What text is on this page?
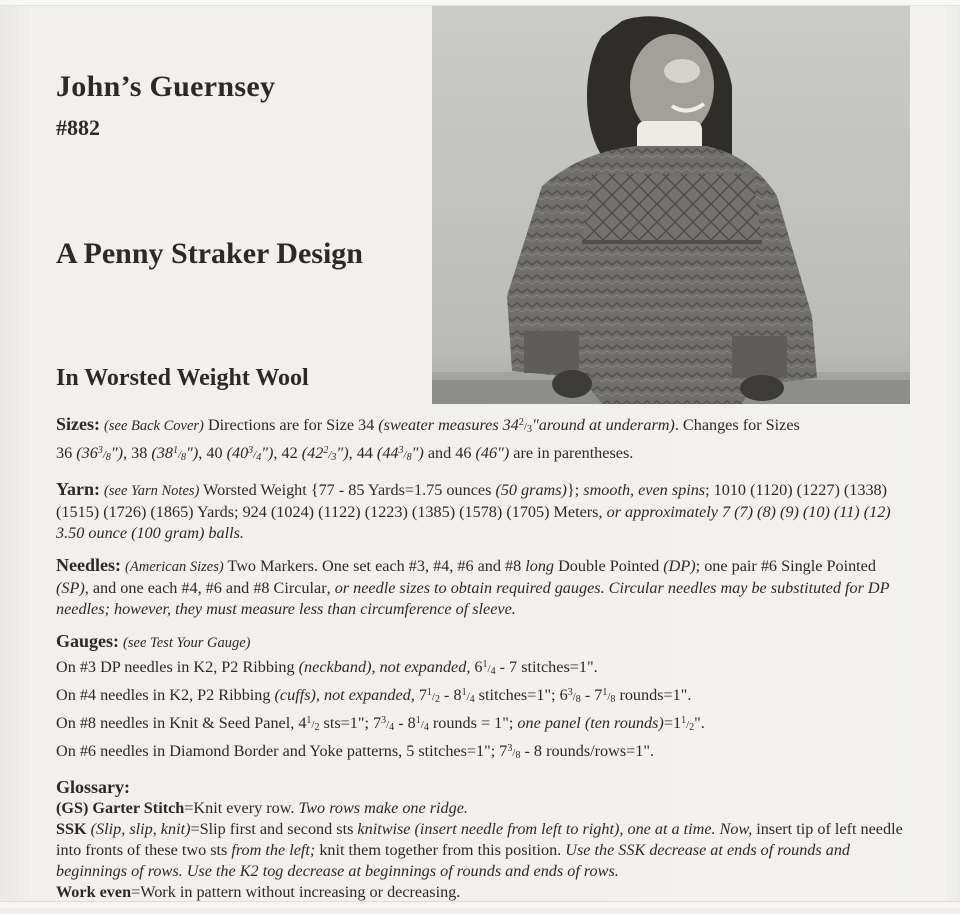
John’s Guernsey
#882
A Penny Straker Design
In Worsted Weight Wool

Sizes: (see Back Cover) Directions are for Size 34 (sweater measures $34^2/_3"around$ at underarm). Changes for Sizes
36 $(36^3/_8")$, 38 $(38^1/_8")$, 40 $(40^3/_4")$, 42 $(42^2/_3")$, 44 $(44^3/_8")$ and 46 (46") are in parentheses.

Yarn: (see Yarn Notes) Worsted Weight {77 - 85 Yards=1.75 ounces (50 grams)}; smooth, even spins; 1010 (1120) (1227) (1338) (1515) (1726) (1865) Yards; 924 (1024) (1122) (1223) (1385) (1578) (1705) Meters, or approximately 7 (7) (8) (9) (10) (11) (12) 3.50 ounce (100 gram) balls.

Needles: (American Sizes) Two Markers. One set each #3, #4, #6 and #8 long Double Pointed (DP); one pair #6 Single Pointed (SP), and one each #4, #6 and #8 Circular, or needle sizes to obtain required gauges. Circular needles may be substituted for DP needles; however, they must measure less than circumference of sleeve.

Gauges: (see Test Your Gauge)

On #3 DP needles in K2, P2 Ribbing (neckband), not expanded, $6^1/_4 - 7$ stitches=1".

On #4 needles in K2, P2 Ribbing (cuffs), not expanded, $7^1/_2 - 8^1/_4$ stitches=1"; $6^3/_8 - 7^1/_8$ rounds=1".

On #8 needles in Knit & Seed Panel, $4^1/_2$ sts=1"; $7^3/_4 - 8^1/_4$ rounds = 1"; one panel (ten $rounds)=1^1/_2$".

On #6 needles in Diamond Border and Yoke patterns, 5 stitches=1"; $7^3/_8 - 8$ rounds/rows=1".

Glossary:

(GS) Garter Stitch=Knit every row. Two rows make one ridge.

SSK (Slip, slip, knit)=Slip first and second sts knitwise (insert needle from left to right), one at a time. Now, insert tip of left needle into fronts of these two sts from the left; knit them together from this position. Use the SSK decrease at ends of rounds and beginnings of rows. Use the K2 tog decrease at beginnings of rounds and ends of rows.

Work even=Work in pattern without increasing or decreasing.
